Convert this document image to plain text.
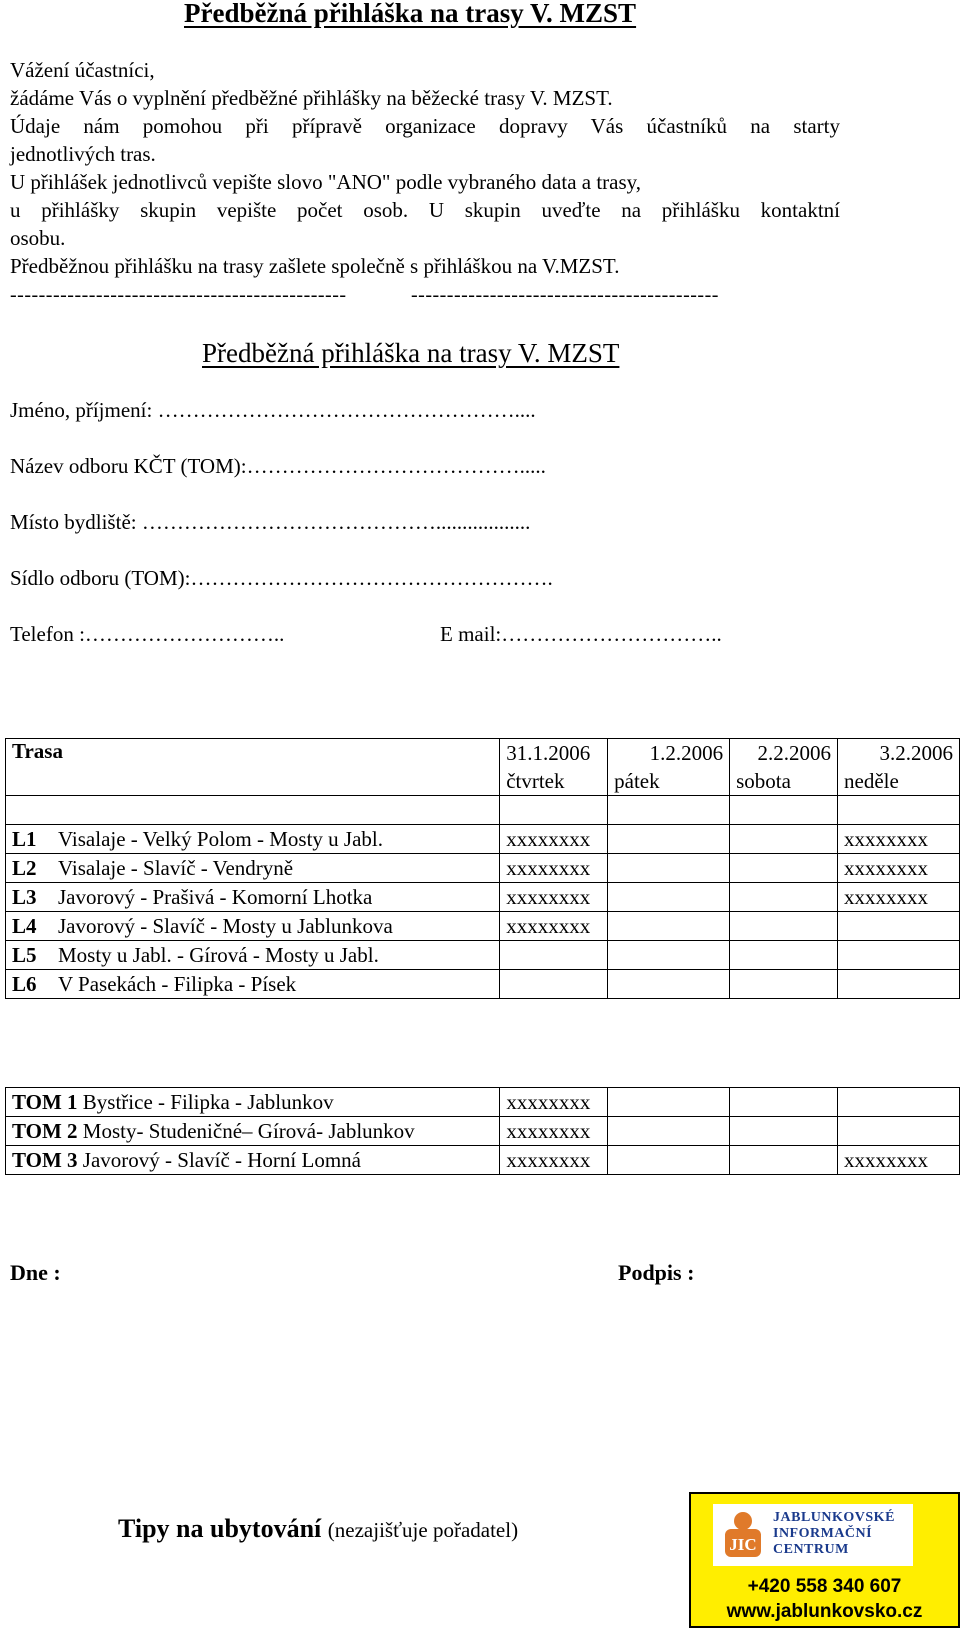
Předběžná přihláška na trasy V. MZST

Vážení účastníci,

žádáme Vás o vyplnění předběžné přihlášky na běžecké trasy V. MZST.

Údaje nám pomohou při přípravě organizace dopravy Vás účastníků na starty

jednotlivých tras.

U přihlášek jednotlivců vepište slovo "ANO" podle vybraného data a trasy,

u přihlášky skupin vepište počet osob. U skupin uveďte na přihlášku kontaktní

osobu.

Předběžnou přihlášku na trasy zašlete společně s přihláškou na V.MZST.

-----------------------------------------------	-------------------------------------------
Předběžná přihláška na trasy V. MZST
Jméno, příjmení: ……………………………………………....
Název odboru KČT (TOM):………………………………….....
Místo bydliště: ……………………………………..................
Sídlo odboru (TOM):…………………………………………….
Telefon :………………………..	E mail:…………………………..
Trasa	31.1.2006	1.2.2006	2.2.2006	3.2.2006
	čtvrtek	pátek	sobota	neděle

L1 Visalaje - Velký Polom - Mosty u Jabl.	xxxxxxxx			xxxxxxxx
L2 Visalaje - Slavíč - Vendryně	xxxxxxxx			xxxxxxxx
L3 Javorový - Prašivá - Komorní Lhotka	xxxxxxxx			xxxxxxxx
L4 Javorový - Slavíč - Mosty u Jablunkova	xxxxxxxx			
L5 Mosty u Jabl. - Gírová - Mosty u Jabl.				
L6 V Pasekách - Filipka - Písek				
TOM 1 Bystřice - Filipka - Jablunkov	xxxxxxxx			
TOM 2 Mosty- Studeničné– Gírová- Jablunkov	xxxxxxxx			
TOM 3 Javorový - Slavíč - Horní Lomná	xxxxxxxx			xxxxxxxx
Dne :	Podpis :
Tipy na ubytování (nezajišťuje pořadatel)
JIC
JABLUNKOVSKÉ
INFORMAČNÍ
CENTRUM
+420 558 340 607
www.jablunkovsko.cz
